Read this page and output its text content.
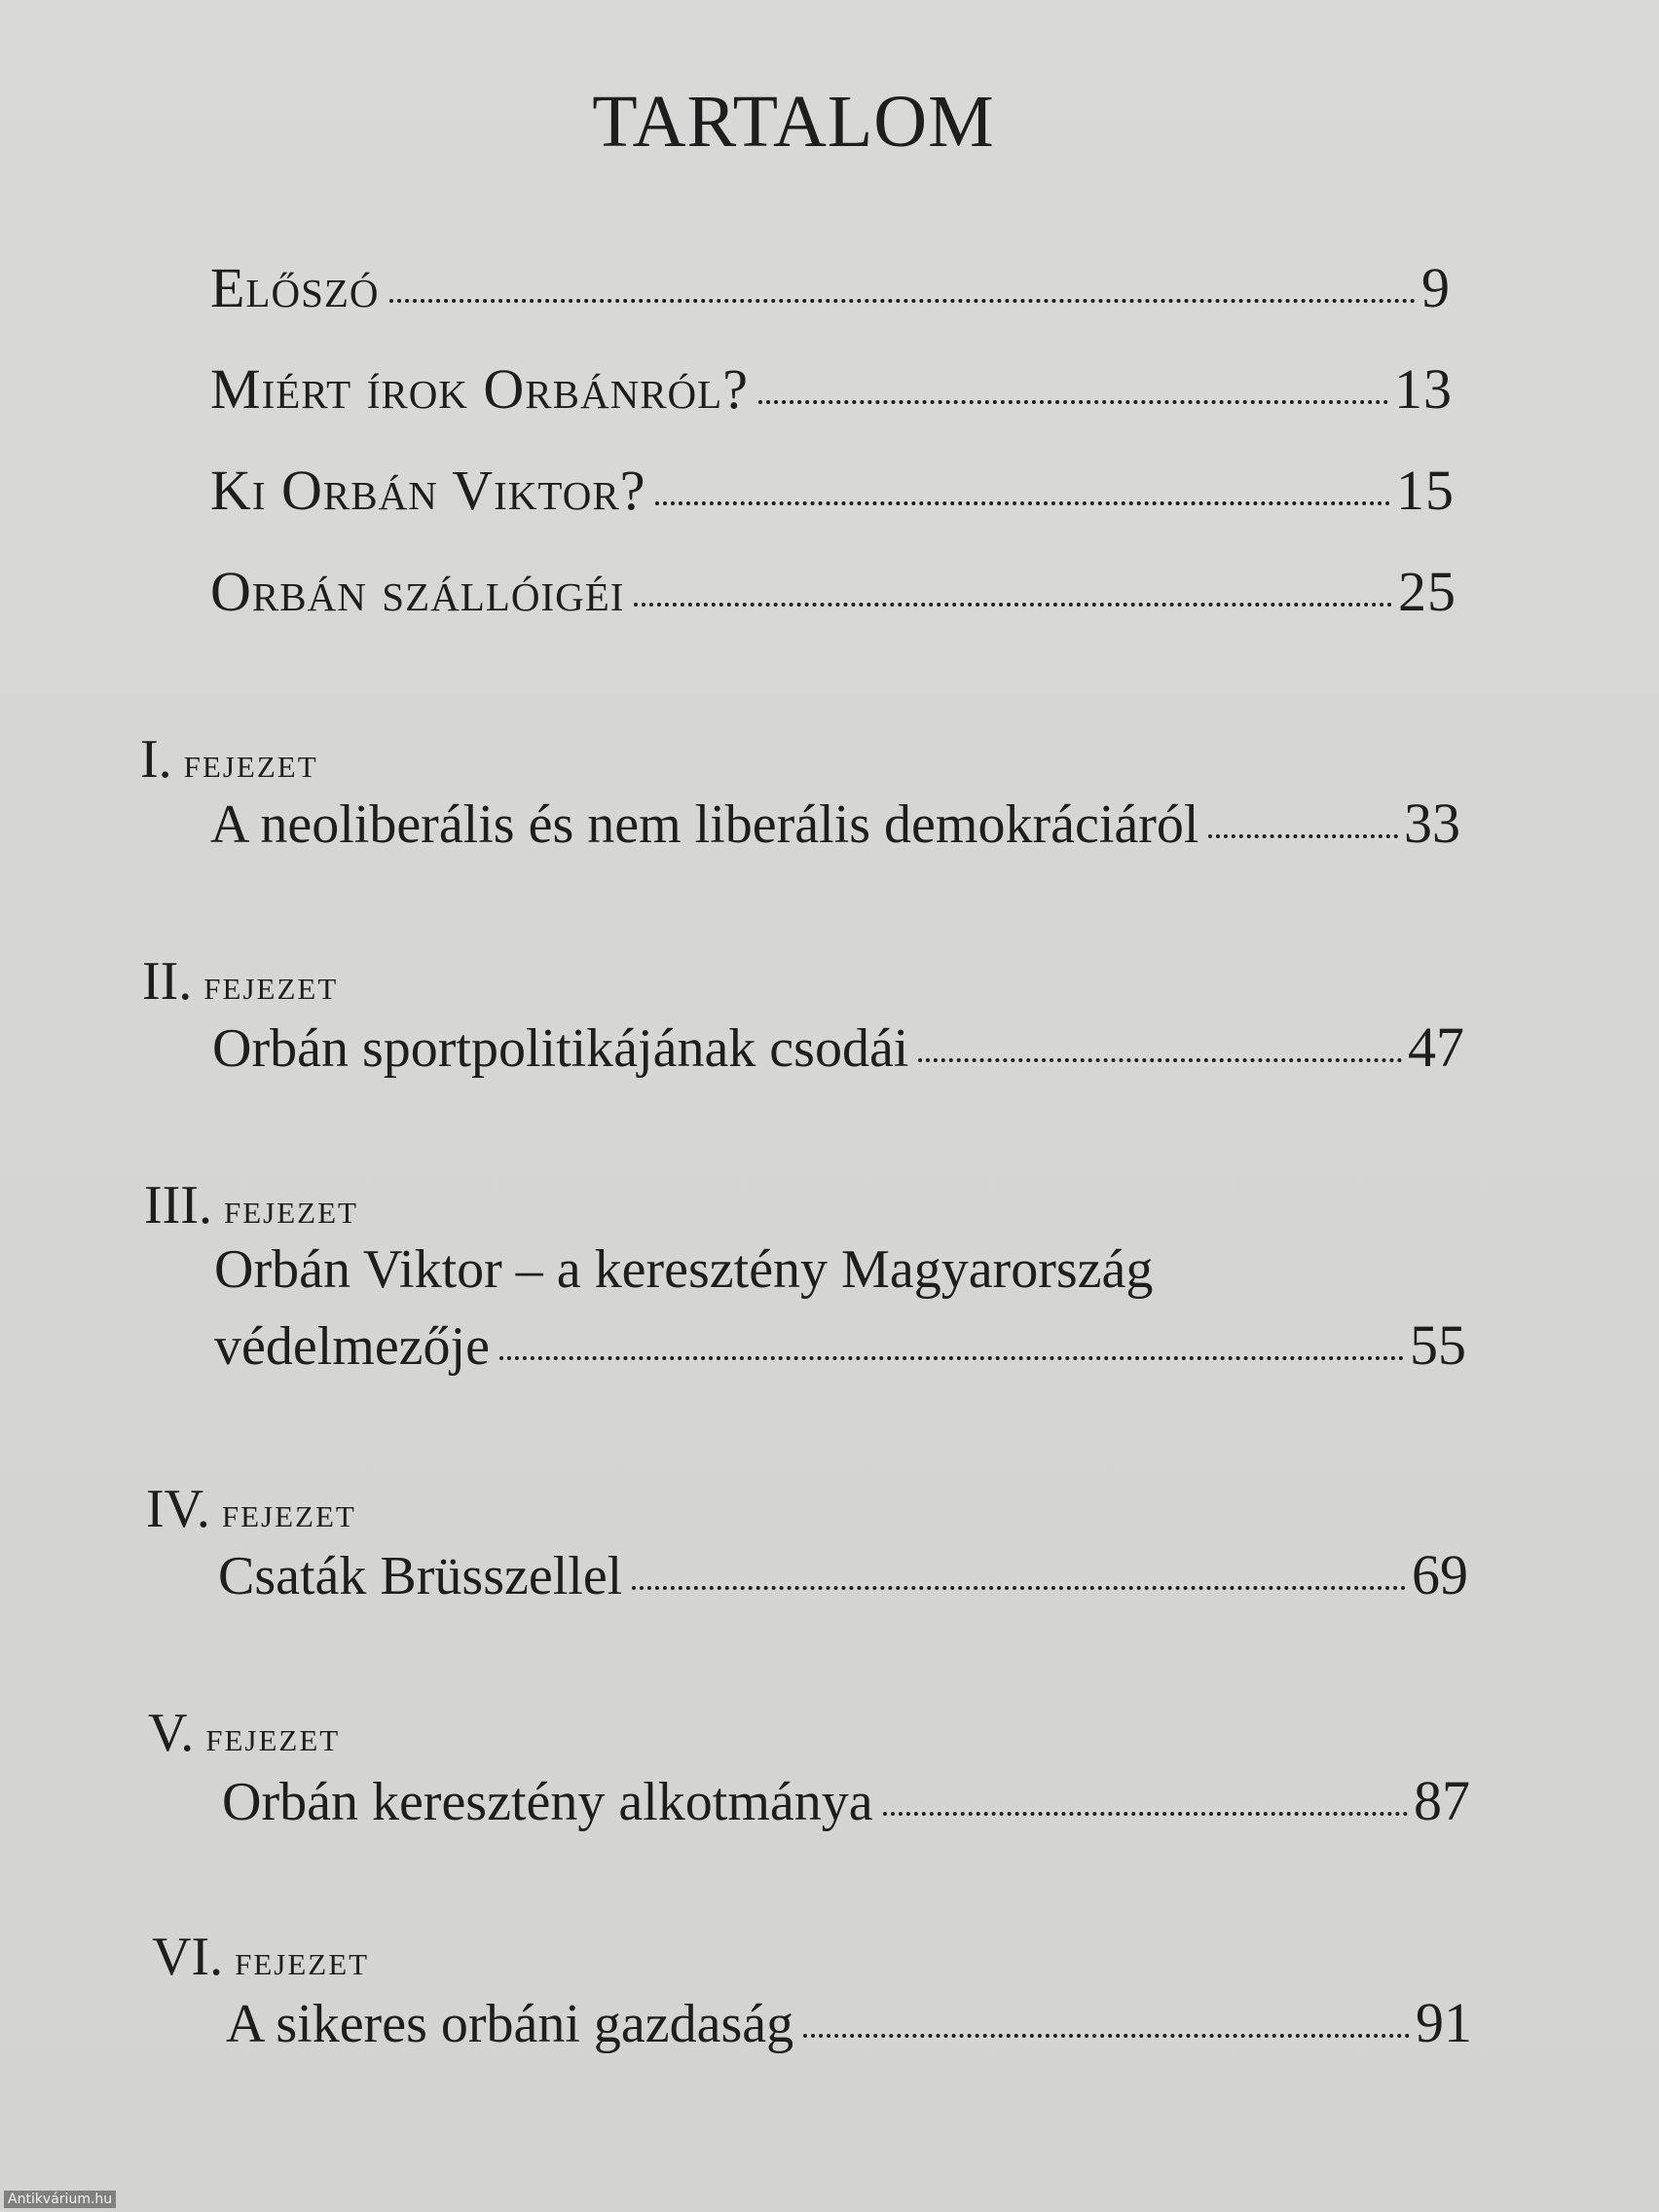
TARTALOM
Előszó	9
Miért írok Orbánról?	13
Ki Orbán Viktor?	15
Orbán szállóigéi	25
I. fejezet
A neoliberális és nem liberális demokráciáról	33
II. fejezet
Orbán sportpolitikájának csodái	47
III. fejezet
Orbán Viktor – a keresztény Magyarország
védelmezője	55
IV. fejezet
Csaták Brüsszellel	69
V. fejezet
Orbán keresztény alkotmánya	87
VI. fejezet
A sikeres orbáni gazdaság	91
Antikvárium.hu
